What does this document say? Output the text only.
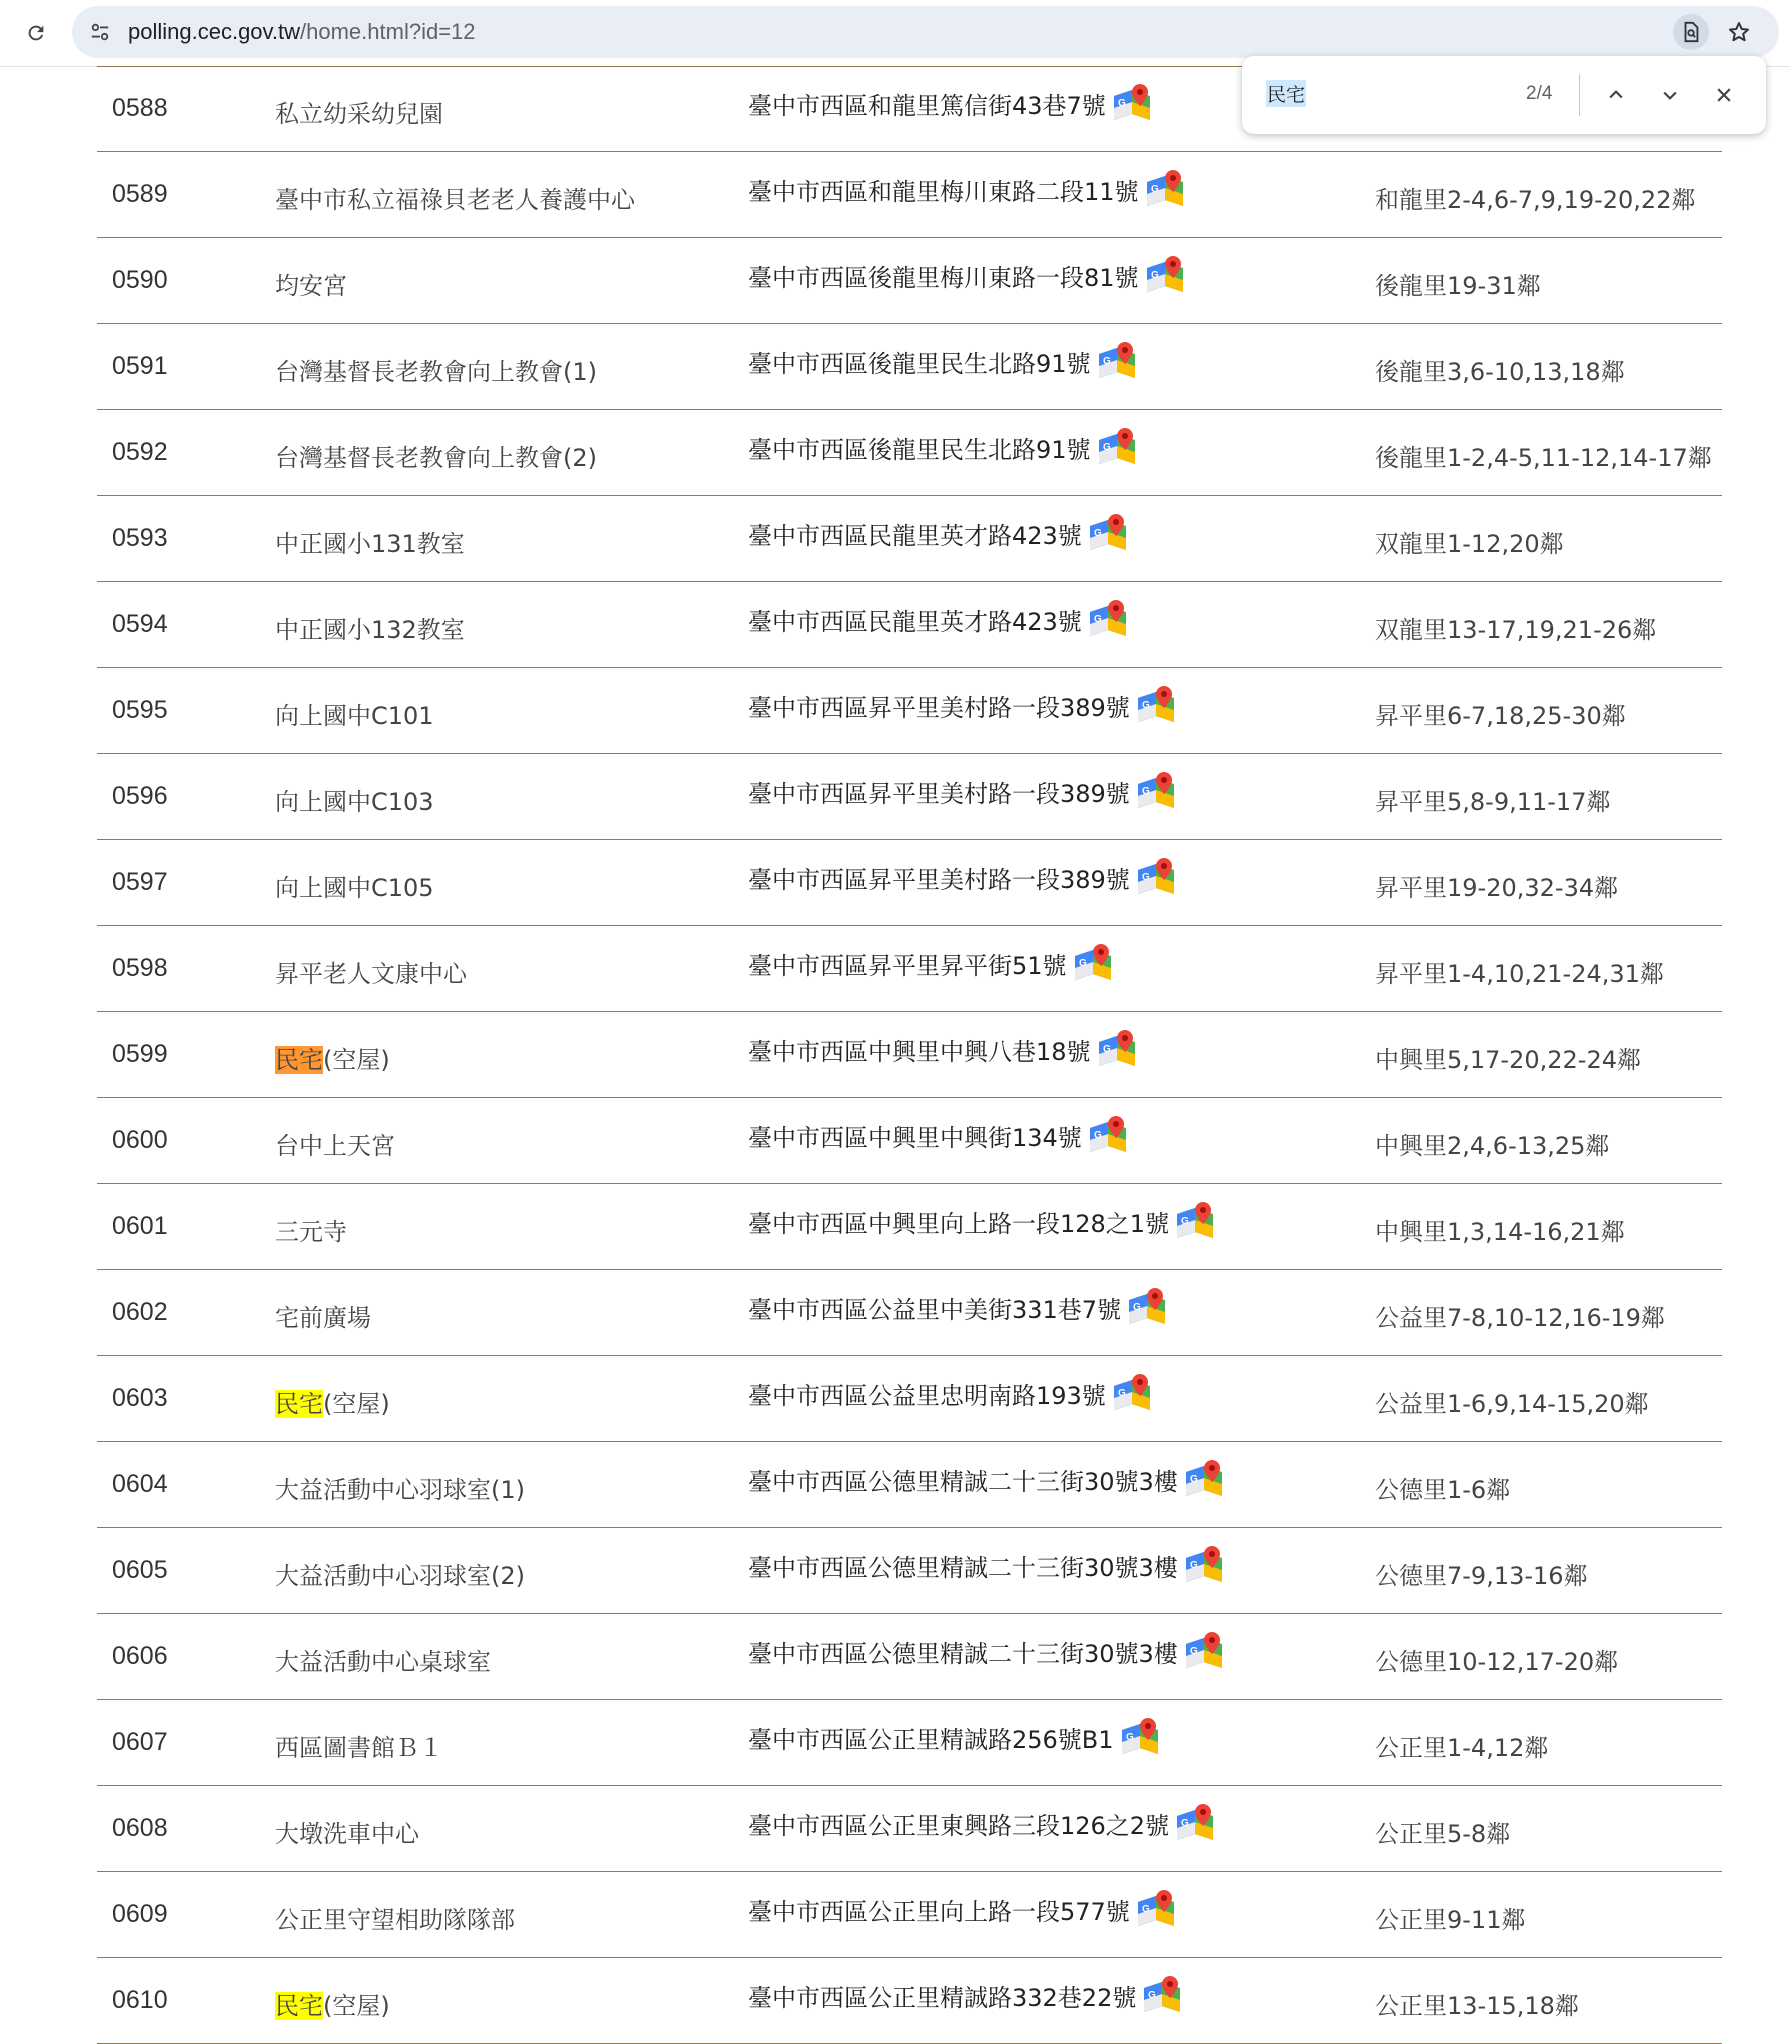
polling.cec.gov.tw/home.html?id=12
0588	私立幼采幼兒園	臺中市西區和龍里篤信街43巷7號 G
0589	臺中市私立福祿貝老老人養護中心	臺中市西區和龍里梅川東路二段11號 G	和龍里2-4,6-7,9,19-20,22鄰
0590	均安宮	臺中市西區後龍里梅川東路一段81號 G	後龍里19-31鄰
0591	台灣基督長老教會向上教會(1)	臺中市西區後龍里民生北路91號 G	後龍里3,6-10,13,18鄰
0592	台灣基督長老教會向上教會(2)	臺中市西區後龍里民生北路91號 G	後龍里1-2,4-5,11-12,14-17鄰
0593	中正國小131教室	臺中市西區民龍里英才路423號 G	双龍里1-12,20鄰
0594	中正國小132教室	臺中市西區民龍里英才路423號 G	双龍里13-17,19,21-26鄰
0595	向上國中C101	臺中市西區昇平里美村路一段389號 G	昇平里6-7,18,25-30鄰
0596	向上國中C103	臺中市西區昇平里美村路一段389號 G	昇平里5,8-9,11-17鄰
0597	向上國中C105	臺中市西區昇平里美村路一段389號 G	昇平里19-20,32-34鄰
0598	昇平老人文康中心	臺中市西區昇平里昇平街51號 G	昇平里1-4,10,21-24,31鄰
0599	民宅(空屋)	臺中市西區中興里中興八巷18號 G	中興里5,17-20,22-24鄰
0600	台中上天宮	臺中市西區中興里中興街134號 G	中興里2,4,6-13,25鄰
0601	三元寺	臺中市西區中興里向上路一段128之1號 G	中興里1,3,14-16,21鄰
0602	宅前廣場	臺中市西區公益里中美街331巷7號 G	公益里7-8,10-12,16-19鄰
0603	民宅(空屋)	臺中市西區公益里忠明南路193號 G	公益里1-6,9,14-15,20鄰
0604	大益活動中心羽球室(1)	臺中市西區公德里精誠二十三街30號3樓 G	公德里1-6鄰
0605	大益活動中心羽球室(2)	臺中市西區公德里精誠二十三街30號3樓 G	公德里7-9,13-16鄰
0606	大益活動中心桌球室	臺中市西區公德里精誠二十三街30號3樓 G	公德里10-12,17-20鄰
0607	西區圖書館Ｂ１	臺中市西區公正里精誠路256號B1 G	公正里1-4,12鄰
0608	大墩洗車中心	臺中市西區公正里東興路三段126之2號 G	公正里5-8鄰
0609	公正里守望相助隊隊部	臺中市西區公正里向上路一段577號 G	公正里9-11鄰
0610	民宅(空屋)	臺中市西區公正里精誠路332巷22號 G	公正里13-15,18鄰
民宅	2/4
